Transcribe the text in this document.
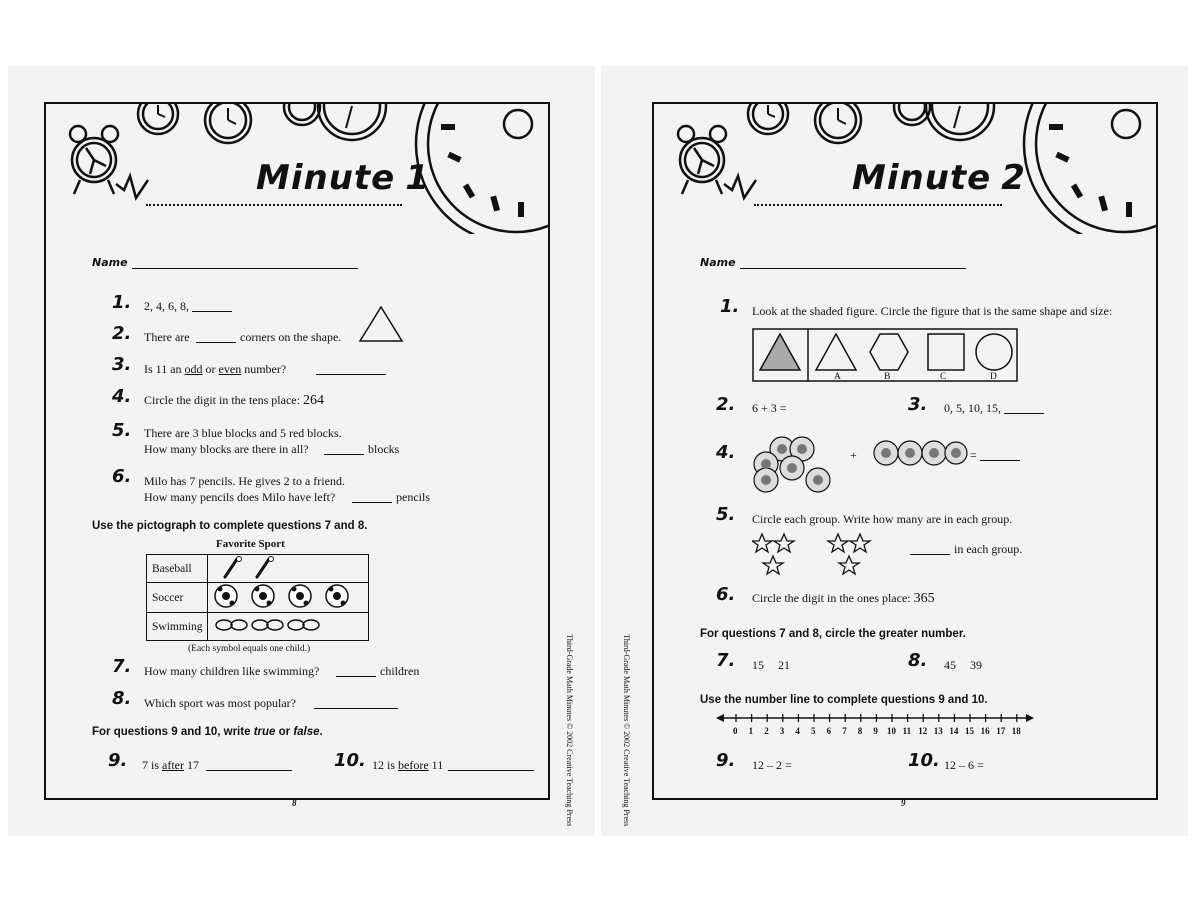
Minute 1
Name
1. 2, 4, 6, 8,
2. There are	corners on the shape.
3. Is 11 an odd or even number?
4. Circle the digit in the tens place: 264
5. There are 3 blue blocks and 5 red blocks.
How many blocks are there in all?	blocks
6. Milo has 7 pencils. He gives 2 to a friend.
How many pencils does Milo have left?	pencils
Use the pictograph to complete questions 7 and 8.
Favorite Sport
Baseball	
Soccer	
Swimming	
(Each symbol equals one child.)
7. How many children like swimming?	children
8. Which sport was most popular?
For questions 9 and 10, write true or false.
9. 7 is after 17	10. 12 is before 11
8	Third-Grade Math Minutes © 2002 Creative Teaching Press	Third-Grade Math Minutes © 2002 Creative Teaching Press
Minute 2
Name
1. Look at the shaded figure. Circle the figure that is the same shape and size:
A	B	C	D
2. 6 + 3 =	3. 0, 5, 10, 15,
4.	+	=
5. Circle each group. Write how many are in each group.
in each group.
6. Circle the digit in the ones place: 365
For questions 7 and 8, circle the greater number.
7. 15 21	8. 45 39
Use the number line to complete questions 9 and 10.
0 1 2 3 4 5 6 7 8 9 10 11 12 13 14 15 16 17 18
9. 12 – 2 =	10. 12 – 6 =
9
